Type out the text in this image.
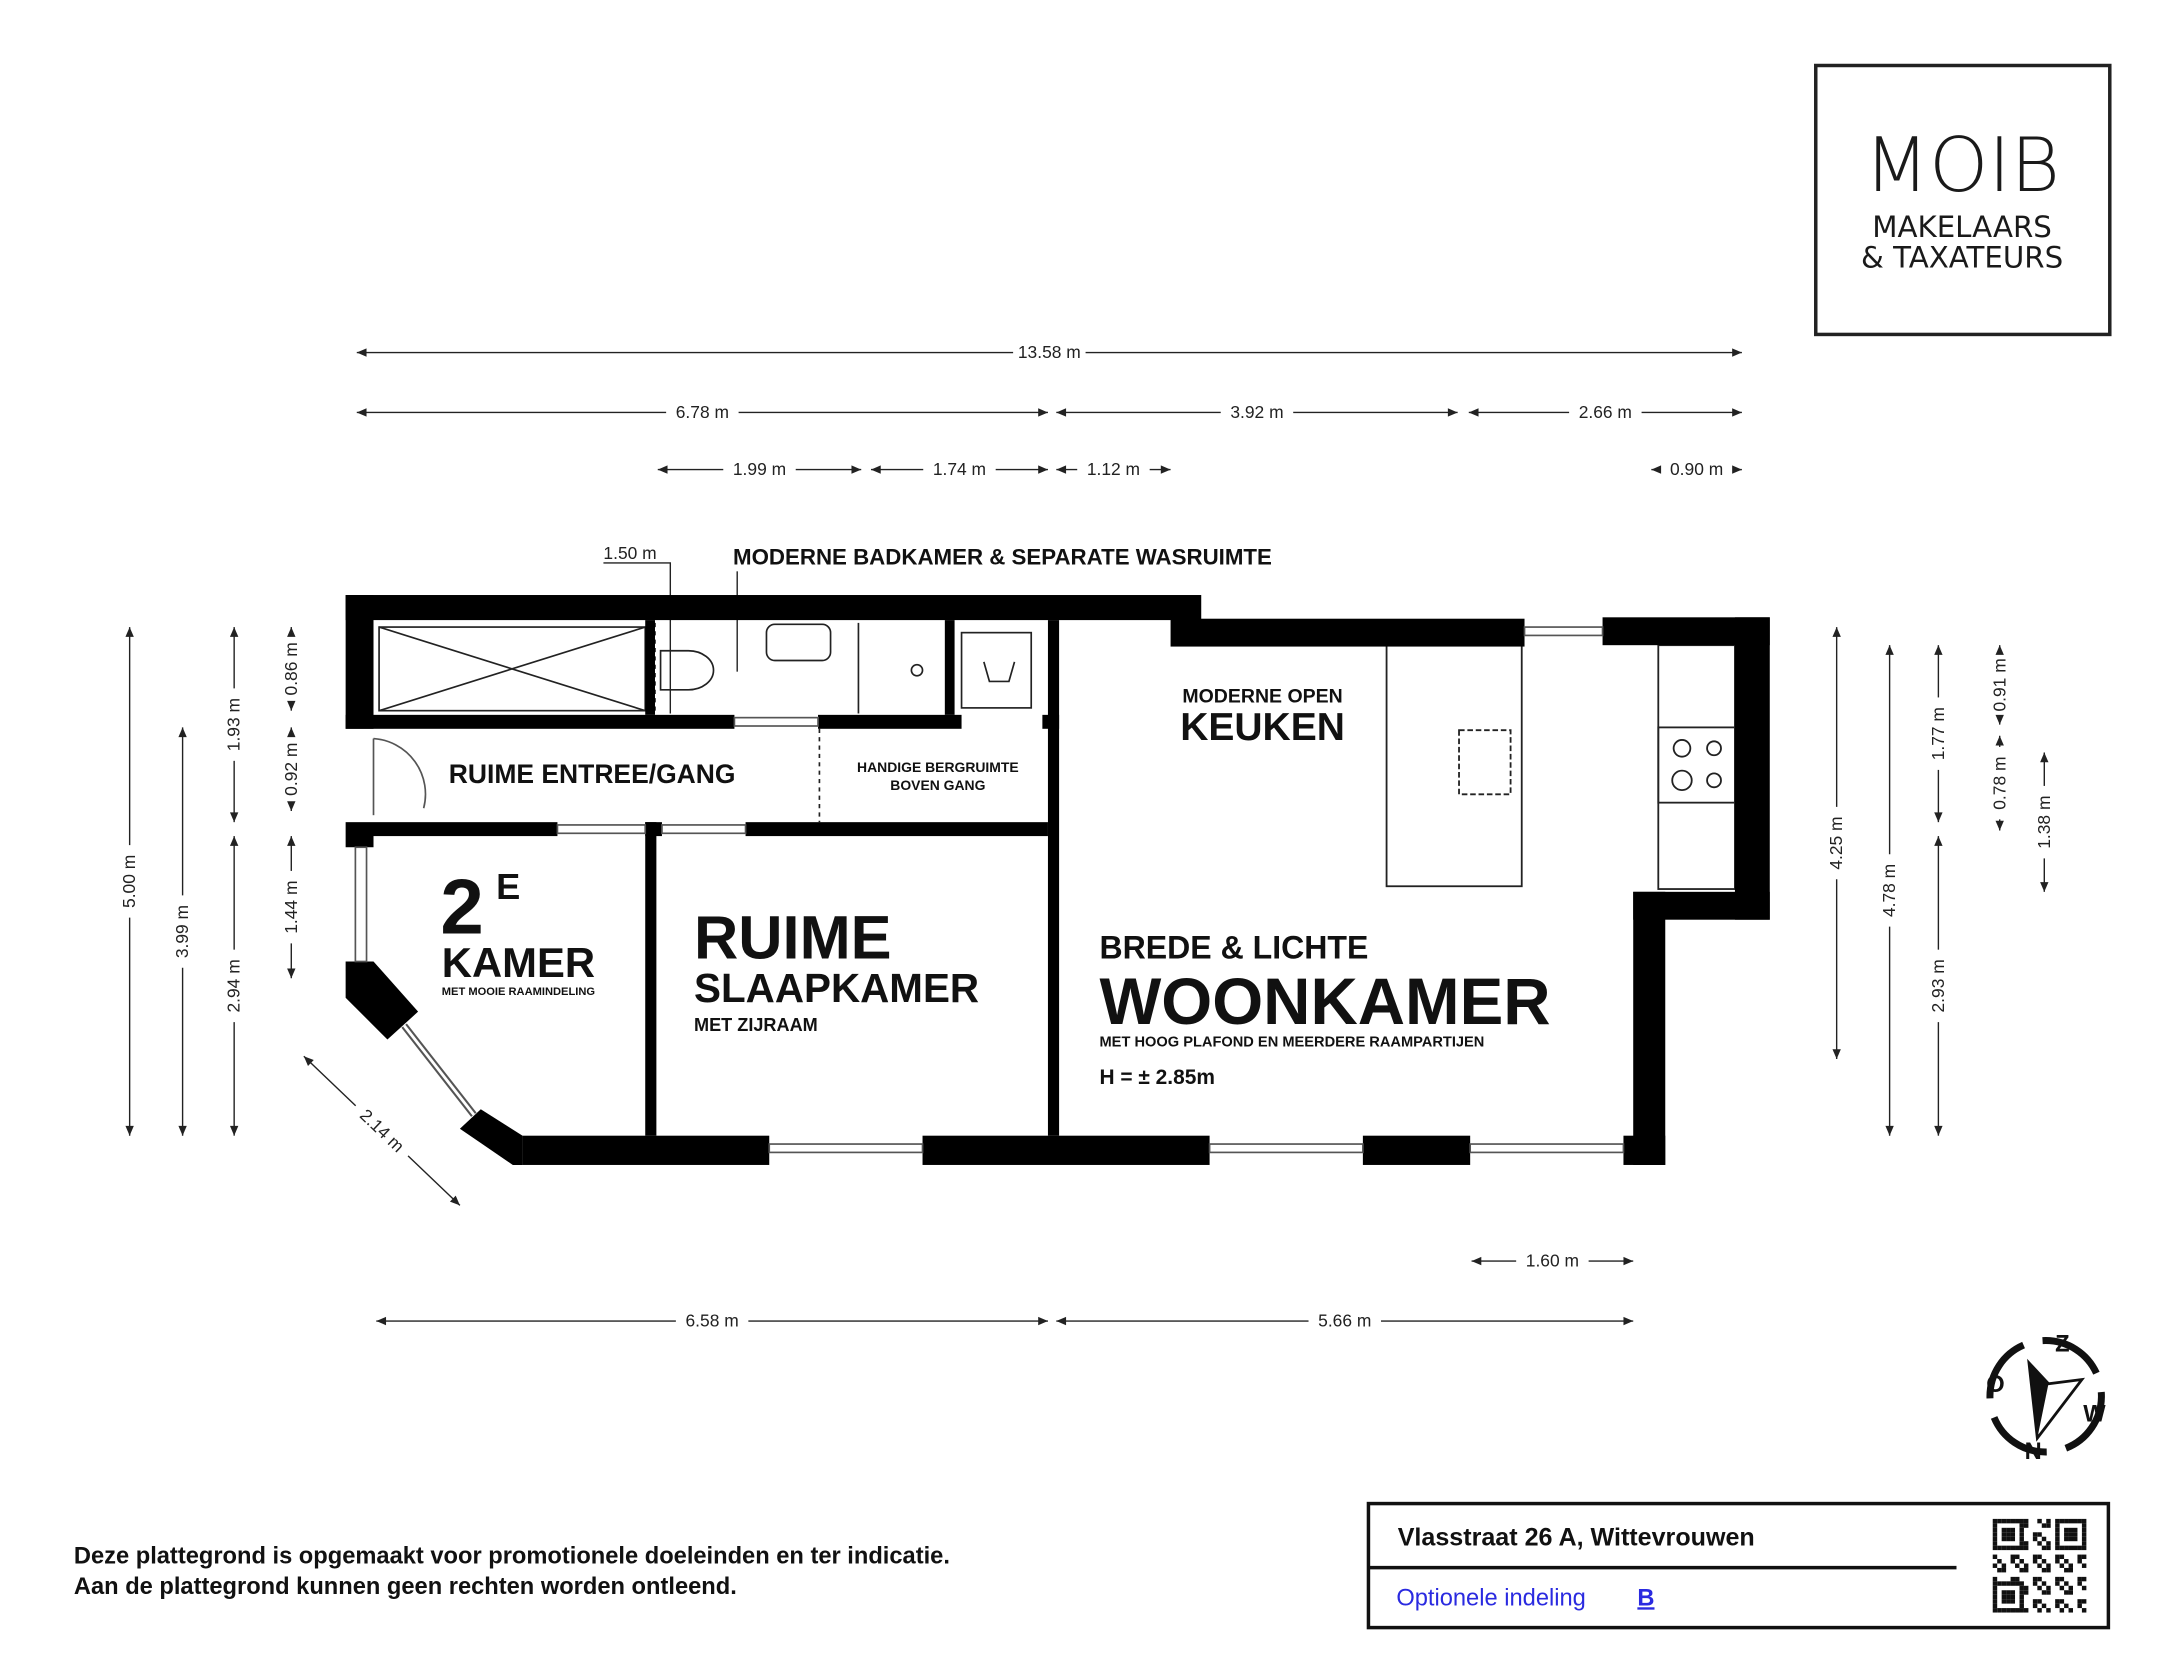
MOIB
MAKELAARS
& TAXATEURS
13.58 m
6.78 m	3.92 m	2.66 m
1.99 m	1.74 m	1.12 m	0.90 m
1.60 m
6.58 m	5.66 m
5.00 m
3.99 m
1.93 m
2.94 m
0.86 m
0.92 m
1.44 m
4.25 m
4.78 m
1.77 m
2.93 m
0.91 m
0.78 m
1.38 m
2.14 m
MODERNE BADKAMER & SEPARATE WASRUIMTE
1.50 m
RUIME ENTREE/GANG	HANDIGE BERGRUIMTE
BOVEN GANG
MODERNE OPEN
KEUKEN
2 E
KAMER
MET MOOIE RAAMINDELING
RUIME
SLAAPKAMER
MET ZIJRAAM
BREDE & LICHTE
WOONKAMER
MET HOOG PLAFOND EN MEERDERE RAAMPARTIJEN
H = ± 2.85m
Z
O
W
N
Deze plattegrond is opgemaakt voor promotionele doeleinden en ter indicatie.
Aan de plattegrond kunnen geen rechten worden ontleend.
Vlasstraat 26 A, Wittevrouwen
Optionele indeling	B
